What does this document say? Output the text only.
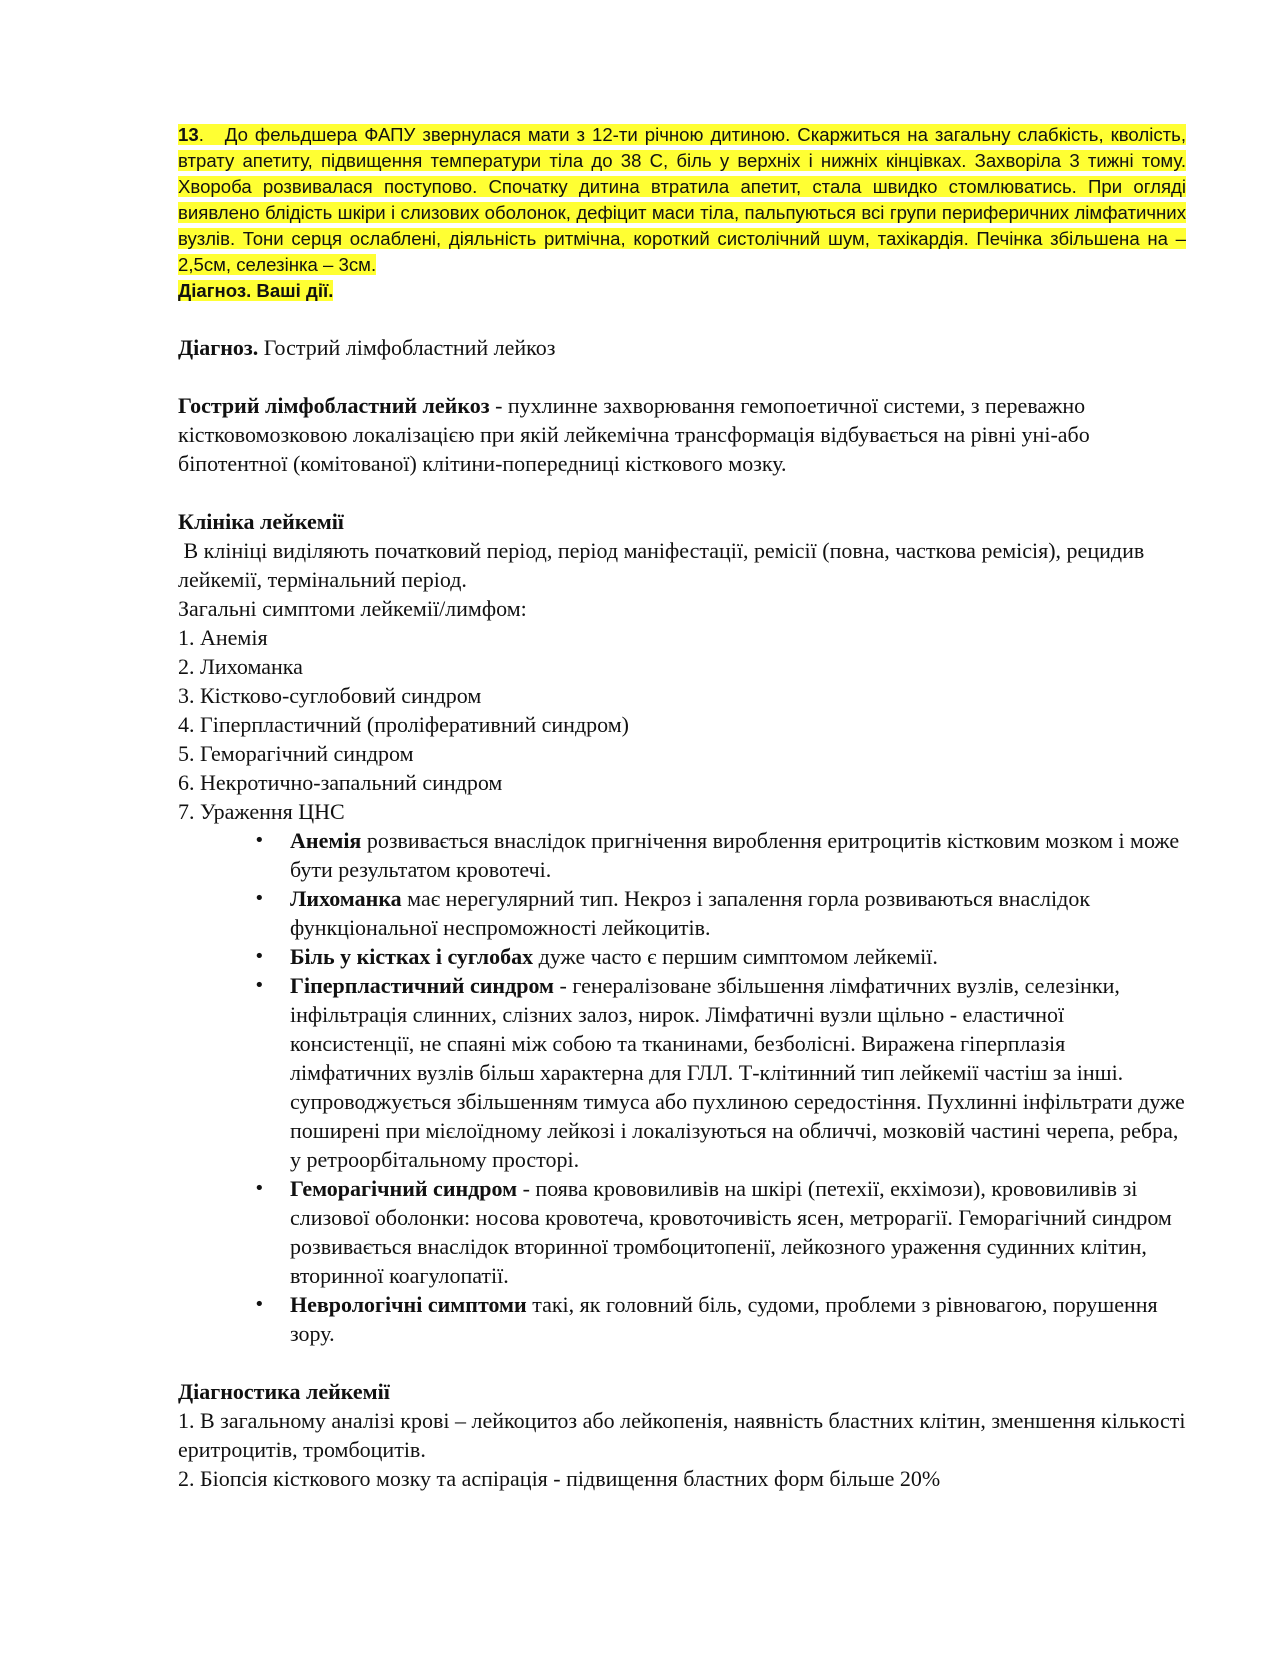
13.   До фельдшера ФАПУ звернулася мати з 12-ти річною дитиною. Скаржиться на загальну слабкість, кволість, втрату апетиту, підвищення температури тіла до 38 С, біль у верхніх і нижніх кінцівках. Захворіла 3 тижні тому. Хвороба розвивалася поступово. Спочатку дитина втратила апетит, стала швидко стомлюватись. При огляді виявлено блідість шкіри і слизових оболонок, дефіцит маси тіла, пальпуються всі групи периферичних лімфатичних вузлів. Тони серця ослаблені, діяльність ритмічна, короткий систолічний шум, тахікардія. Печінка збільшена на – 2,5см, селезінка – 3см.
Діагноз. Ваші дії.
Діагноз. Гострий лімфобластний лейкоз
Гострий лімфобластний лейкоз - пухлинне захворювання гемопоетичної системи, з переважно кістковомозковою локалізацією при якій лейкемічна трансформація відбувається на рівні уні-або біпотентної (комітованої) клітини-попередниці кісткового мозку.
Клініка лейкемії
В клініці виділяють початковий період, період маніфестації, ремісії (повна, часткова ремісія), рецидив лейкемії, термінальний період.
Загальні симптоми лейкемії/лимфом:
1. Анемія
2. Лихоманка
3. Кістково-суглобовий синдром
4. Гіперпластичний (проліферативний синдром)
5. Геморагічний синдром
6. Некротично-запальний синдром
7. Ураження ЦНС
• Анемія розвивається внаслідок пригнічення вироблення еритроцитів кістковим мозком і може бути результатом кровотечі.
• Лихоманка має нерегулярний тип. Некроз і запалення горла розвиваються внаслідок функціональної неспроможності лейкоцитів.
• Біль у кістках і суглобах дуже часто є першим симптомом лейкемії.
• Гіперпластичний синдром - генералізоване збільшення лімфатичних вузлів, селезінки, інфільтрація слинних, слізних залоз, нирок. Лімфатичні вузли щільно - еластичної консистенції, не спаяні між собою та тканинами, безболісні. Виражена гіперплазія лімфатичних вузлів більш характерна для ГЛЛ. Т-клітинний тип лейкемії частіш за інші. супроводжується збільшенням тимуса або пухлиною середостіння. Пухлинні інфільтрати дуже поширені при мієлоїдному лейкозі і локалізуються на обличчі, мозковій частині черепа, ребра, у ретроорбітальному просторі.
• Геморагічний синдром - поява крововиливів на шкірі (петехії, екхімози), крововиливів зі слизової оболонки: носова кровотеча, кровоточивість ясен, метрорагії. Геморагічний синдром розвивається внаслідок вторинної тромбоцитопенії, лейкозного ураження судинних клітин, вторинної коагулопатії.
• Неврологічні симптоми такі, як головний біль, судоми, проблеми з рівновагою, порушення зору.
Діагностика лейкемії
1. В загальному аналізі крові – лейкоцитоз або лейкопенія, наявність бластних клітин, зменшення кількості еритроцитів, тромбоцитів.
2. Біопсія кісткового мозку та аспірація - підвищення бластних форм більше 20%
